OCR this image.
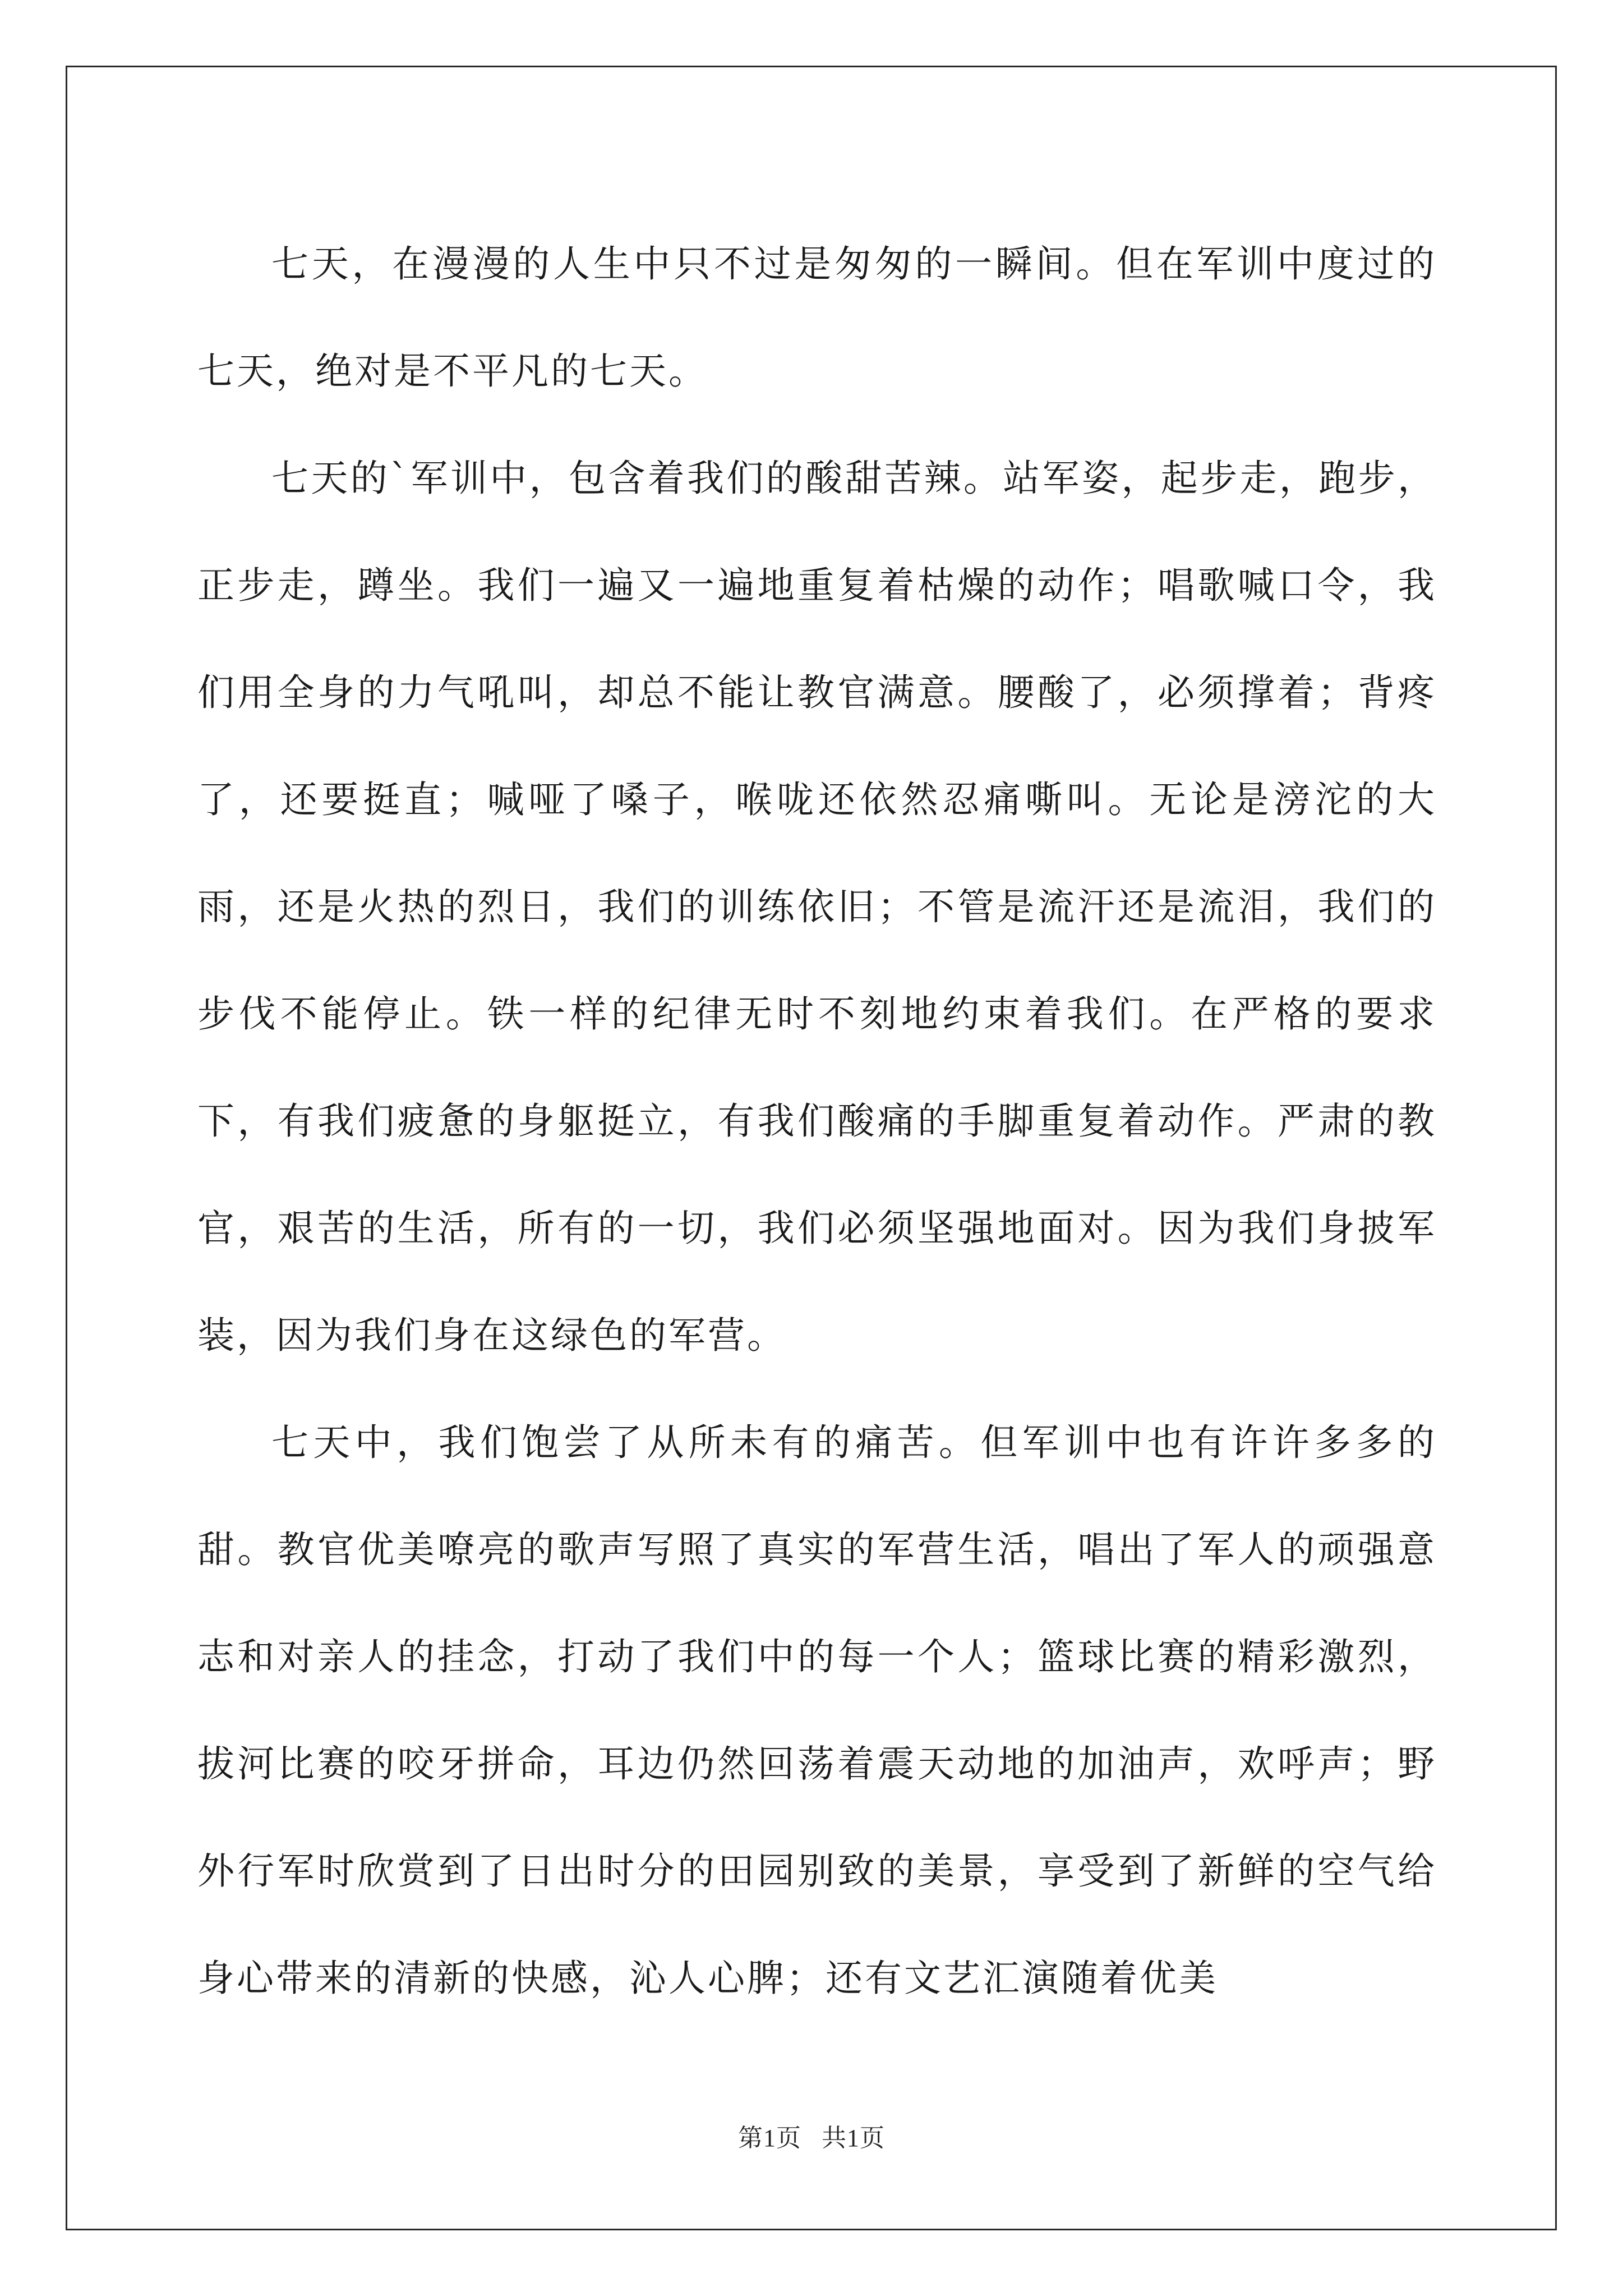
七天，在漫漫的人生中只不过是匆匆的一瞬间。但在军训中度过的七天，绝对是不平凡的七天。

七天的`军训中，包含着我们的酸甜苦辣。站军姿，起步走，跑步，正步走，蹲坐。我们一遍又一遍地重复着枯燥的动作；唱歌喊口令，我们用全身的力气吼叫，却总不能让教官满意。腰酸了，必须撑着；背疼了，还要挺直；喊哑了嗓子，喉咙还依然忍痛嘶叫。无论是滂沱的大雨，还是火热的烈日，我们的训练依旧；不管是流汗还是流泪，我们的步伐不能停止。铁一样的纪律无时不刻地约束着我们。在严格的要求下，有我们疲惫的身躯挺立，有我们酸痛的手脚重复着动作。严肃的教官，艰苦的生活，所有的一切，我们必须坚强地面对。因为我们身披军装，因为我们身在这绿色的军营。

七天中，我们饱尝了从所未有的痛苦。但军训中也有许许多多的甜。教官优美嘹亮的歌声写照了真实的军营生活，唱出了军人的顽强意志和对亲人的挂念，打动了我们中的每一个人；篮球比赛的精彩激烈，拔河比赛的咬牙拼命，耳边仍然回荡着震天动地的加油声，欢呼声；野外行军时欣赏到了日出时分的田园别致的美景，享受到了新鲜的空气给身心带来的清新的快感，沁人心脾；还有文艺汇演随着优美

第1页 共1页
